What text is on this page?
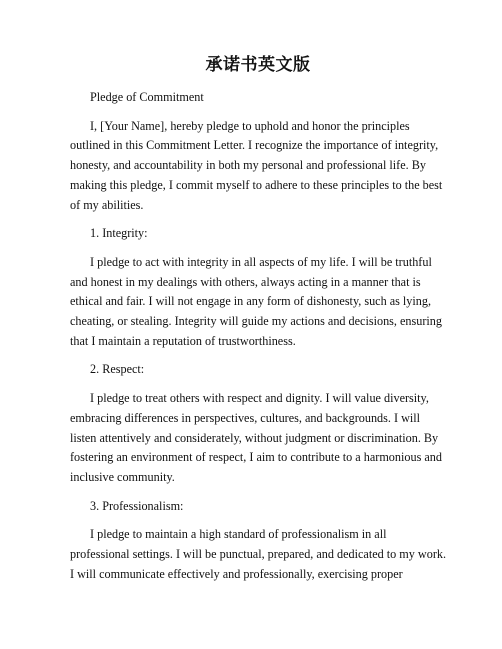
承诺书英文版

Pledge of Commitment

I, [Your Name], hereby pledge to uphold and honor the principles outlined in this Commitment Letter. I recognize the importance of integrity, honesty, and accountability in both my personal and professional life. By making this pledge, I commit myself to adhere to these principles to the best of my abilities.

1. Integrity:

I pledge to act with integrity in all aspects of my life. I will be truthful and honest in my dealings with others, always acting in a manner that is ethical and fair. I will not engage in any form of dishonesty, such as lying, cheating, or stealing. Integrity will guide my actions and decisions, ensuring that I maintain a reputation of trustworthiness.

2. Respect:

I pledge to treat others with respect and dignity. I will value diversity, embracing differences in perspectives, cultures, and backgrounds. I will listen attentively and considerately, without judgment or discrimination. By fostering an environment of respect, I aim to contribute to a harmonious and inclusive community.

3. Professionalism:

I pledge to maintain a high standard of professionalism in all professional settings. I will be punctual, prepared, and dedicated to my work. I will communicate effectively and professionally, exercising proper
